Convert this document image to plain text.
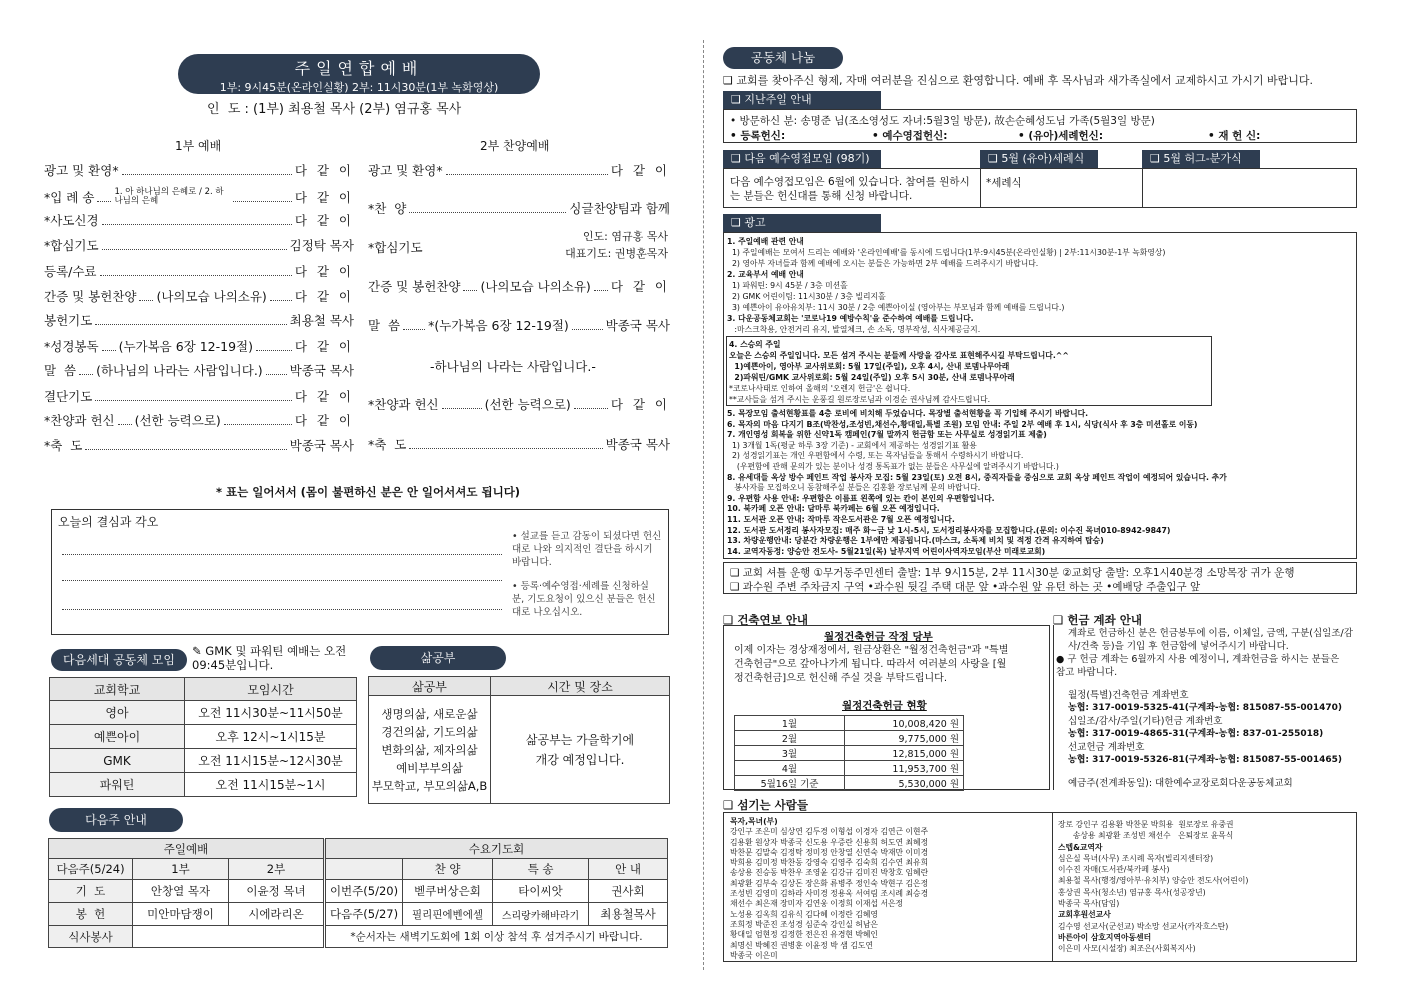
주일연합예배
1부: 9시45분(온라인실황) 2부: 11시30분(1부 녹화영상)
인  도 : (1부) 최용철 목사 (2부) 염규홍 목사
1부 예배	2부 찬양예배
광고 및 환영*	다 같 이
*입 례 송 1. 아 하나님의 은혜로 / 2. 하나님의 은혜	다 같 이
*사도신경	다 같 이
*합심기도	김정탁 목자
등록/수료	다 같 이
간증 및 봉헌찬양 (나의모습 나의소유) 다 같 이
봉헌기도	최용철 목사
*성경봉독 (누가복음 6장 12-19절)	다 같 이
말  씀 (하나님의 나라는 사람입니다.) 박종국 목사
결단기도	다 같 이
*찬양과 헌신 (선한 능력으로)	다 같 이
*축  도	박종국 목사
광고 및 환영*	다 같 이
*찬  양	싱글찬양팀과 함께
*합심기도
인도: 염규홍 목사
대표기도: 권병훈목자
간증 및 봉헌찬양 (나의모습 나의소유) 다 같 이
말  씀 *(누가복음 6장 12-19절)	박종국 목사
-하나님의 나라는 사람입니다.-
*찬양과 헌신	(선한 능력으로)	다 같 이
*축  도	박종국 목사
* 표는 일어서서 (몸이 불편하신 분은 안 일어서셔도 됩니다)
오늘의 결심과 각오
• 설교를 듣고 감동이 되셨다면 헌신대로 나와 의지적인 결단을 하시기 바랍니다.
• 등록·예수영접·세례를 신청하실 분, 기도요청이 있으신 분들은 헌신대로 나오십시오.
다음세대 공동체 모임
✎ GMK 및 파워틴 예배는 오전 09:45분입니다.
교회학교	모임시간
영아	오전 11시30분~11시50분
예쁜아이	오후 12시~1시15분
GMK	오전 11시15분~12시30분
파워틴	오전 11시15분~1시
삶공부
삶공부	시간 및 장소

생명의삶, 새로운삶
경건의삶, 기도의삶
변화의삶, 제자의삶
예비부부의삶
부모학교, 부모의삶A,B	삶공부는 가을학기에 개강 예정입니다.
다음주 안내
주일예배			수요기도회			
다음주(5/24)	1부	2부		찬 양	특 송	안 내
기  도	안창열 목자	이윤정 목녀	이번주(5/20)	벧쿠버상은회	타이씨앗	권사회
봉  헌	미안마담쟁이	시에라리온	다음주(5/27)	필리핀에벤에셀	스리랑카해바라기	최용철목사
식사봉사			*순서자는 새벽기도회에 1회 이상 참석 후 섬겨주시기 바랍니다.			
공동체 나눔
❑ 교회를 찾아주신 형제, 자매 여러분을 진심으로 환영합니다. 예배 후 목사님과 새가족실에서 교제하시고 가시기 바랍니다.
❑ 지난주일 안내
• 방문하신 분: 송명준 님(조소영성도 자녀:5월3일 방문), 故손순혜성도님 가족(5월3일 방문)
• 등록헌신:	• 예수영접헌신:	• (유아)세례헌신:	• 재 헌 신:
❑ 다음 예수영접모임 (98기)	❑ 5월 (유아)세례식	❑ 5월 허그-분가식
다음 예수영접모임은 6월에 있습니다. 참여를 원하시는 분들은 헌신대를 통해 신청 바랍니다.
*세례식
❑ 광고
1. 주일예배 관련 안내
1) 주일예배는 모여서 드리는 예배와 '온라인예배'를 동시에 드립니다(1부:9시45분(온라인실황) | 2부:11시30분-1부 녹화영상)
2) 영아부 자녀들과 함께 예배에 오시는 분들은 가능하면 2부 예배를 드려주시기 바랍니다.
2. 교육부서 예배 안내
1) 파워틴: 9시 45분 / 3층 미션홀
2) GMK 어린이팀: 11시30분 / 3층 빌리지홀
3) 예쁜아이 유아유치부: 11시 30분 / 2층 예쁜아이실 (영아부는 부모님과 함께 예배를 드립니다.)
3. 다운공동체교회는 '코로나19 예방수칙'을 준수하여 예배를 드립니다.
:마스크착용, 안전거리 유지, 발열체크, 손 소독, 명부작성, 식사제공금지.
4. 스승의 주일
오늘은 스승의 주일입니다. 모든 섬겨 주시는 분들께 사랑을 감사로 표현해주시길 부탁드립니다.^^
1)예쁜아이, 영아부 교사위로회: 5월 17일(주일), 오후 4시, 산내 로뎀나무아래
2)파워틴/GMK 교사위로회: 5월 24일(주일) 오후 5시 30분, 산내 로뎀나무아래
*코로나사태로 인하여 올해의 '오렌지 헌금'은 쉽니다.
**교사들을 섬겨 주시는 운풍길 원로장로님과 이경순 권사님께 감사드립니다.
5. 목장모임 출석현황표를 4층 로비에 비치해 두었습니다. 목장별 출석현황을 꼭 기입해 주시기 바랍니다.
6. 목자의 마음 다지기 B조(박찬성,조성빈,채선수,황대일,특별 조원) 모임 안내: 주일 2부 예배 후 1시, 식당(식사 후 3층 미션홀로 이동)
7. 개인영성 회복을 위한 신약1독 캠페인(7월 말까지 헌금함 또는 사무실로 성경읽기표 제출)
1) 3개월 1독(평균 하루 3장 기준) - 교회에서 제공하는 성경읽기표 활용
2) 성경읽기표는 개인 우편함에서 수령, 또는 목자님들을 통해서 수령하시기 바랍니다.
(우편함에 관해 문의가 있는 분이나 성경 통독표가 없는 분들은 사무실에 알려주시기 바랍니다.)
8. 유세대들 옥상 방수 페인트 작업 봉사자 모집: 5월 23일(토) 오전 8시, 중직자들을 중심으로 교회 옥상 페인트 작업이 예정되어 있습니다. 추가
봉사자를 모집하오니 동참해주실 분들은 김홍환 장로님께 문의 바랍니다.
9. 우편함 사용 안내: 우편함은 이름표 왼쪽에 있는 칸이 본인의 우편함입니다.
10. 북카페 오픈 안내: 담마루 북카페는 6월 오픈 예정입니다.
11. 도서관 오픈 안내: 작마루 작은도서관은 7월 오픈 예정입니다.
12. 도서관 도서정리 봉사자모집: 매주 화~금 낮 1시-5시, 도서정리봉사자를 모집합니다.(문의: 이수진 목녀010-8942-9847)
13. 차량운행안내: 당분간 차량운행은 1부에만 제공됩니다.(마스크, 소독제 비치 및 적정 간격 유지하여 탑승)
14. 교역자동정: 양승안 전도사- 5월21일(목) 날부지역 어린이사역자모임(부산 미래로교회)
❑ 교회 셔틀 운행 ①무거동주민센터 출발: 1부 9시15분, 2부 11시30분 ②교회당 출발: 오후1시40분경 소망목장 귀가 운행
❑ 과수원 주변 주차금지 구역 •과수원 뒷길 주택 대문 앞 •과수원 앞 유턴 하는 곳 •예배당 주출입구 앞
❑ 건축연보 안내
월정건축헌금 작정 당부
이제 이자는 경상재정에서, 원금상환은 "월정건축헌금"과 "특별건축헌금"으로 갚아나가게 됩니다. 따라서 여러분의 사랑을 [월정건축헌금]으로 헌신해 주실 것을 부탁드립니다.
월정건축헌금 현황
1월	10,008,420 원
2월	9,775,000 원
3월	12,815,000 원
4월	11,953,700 원
5월16일 기준	5,530,000 원
❑ 헌금 계좌 안내
계좌로 헌금하신 분은 헌금봉투에 이름, 이체일, 금액, 구분(십일조/감사/건축 등)을 기입 후 헌금함에 넣어주시기 바랍니다.
● 구 헌금 계좌는 6월까지 사용 예정이니, 계좌헌금을 하시는 분들은 참고 바랍니다.
월정(특별)건축헌금 계좌번호
농협: 317-0019-5325-41(구계좌-농협: 815087-55-001470)
십일조/감사/주일(기타)헌금 계좌번호
농협: 317-0019-4865-31(구계좌-농협: 837-01-255018)
선교헌금 계좌번호
농협: 317-0019-5326-81(구계좌-농협: 815087-55-001465)
예금주(전계좌동일): 대한예수교장로회다운공동체교회
❑ 섬기는 사람들
목자,목녀(부)
강인구 조은미 심상연 김두경 이형섭 이경자 김연근 이현주
김용환 원상자 박종국 신도용 우증란 신용희 허도연 최혜정
박찬문 김말숙 김정탁 정미정 안창열 신연숙 박재만 이미경
박희용 김미정 박찬동 강영숙 김영주 김숙희 김수연 최유희
송상용 진승동 박찬우 조영윤 김강규 김미진 박창호 임혜란
최광환 김부숙 김상돈 장은화 류병주 정인숙 박현구 김은정
조성빈 김영미 김하라 사미경 정용욱 서여림 조시례 최승경
채선수 최은재 장미자 김연웅 이정희 이재섭 서은정
노성용 김옥희 김유식 김다혜 이정란 김혜영
조희정 박준진 조성경 심준숙 강인실 허남은
황대일 엄현정 김정한 전은진 유경현 박혜인
최명신 박혜진 권병훈 이윤정 박 샘 김도연
박종국 이은미
장로 강인구 김용환 박찬문 박희용  원로장로 유중권
송상용 최광환 조성빈 채선수   은퇴장로 윤목식
스텝&교역자
심은실 목녀(사무) 조시례 목자(빌리지센터장)
이수진 자매(도서관/북카페 봉사)
최용철 목사(행정/영아부·유치부) 양승안 전도사(어린이)
홍상권 목사(청소년) 염규홍 목사(성공장년)
박종국 목사(담임)
교회후원선교사
김수영 선교사(군선교) 박소망 선교사(카자흐스탄)
바른아이 삼호지역아동센터
이은미 사모(시설장) 최조은(사회복지사)
